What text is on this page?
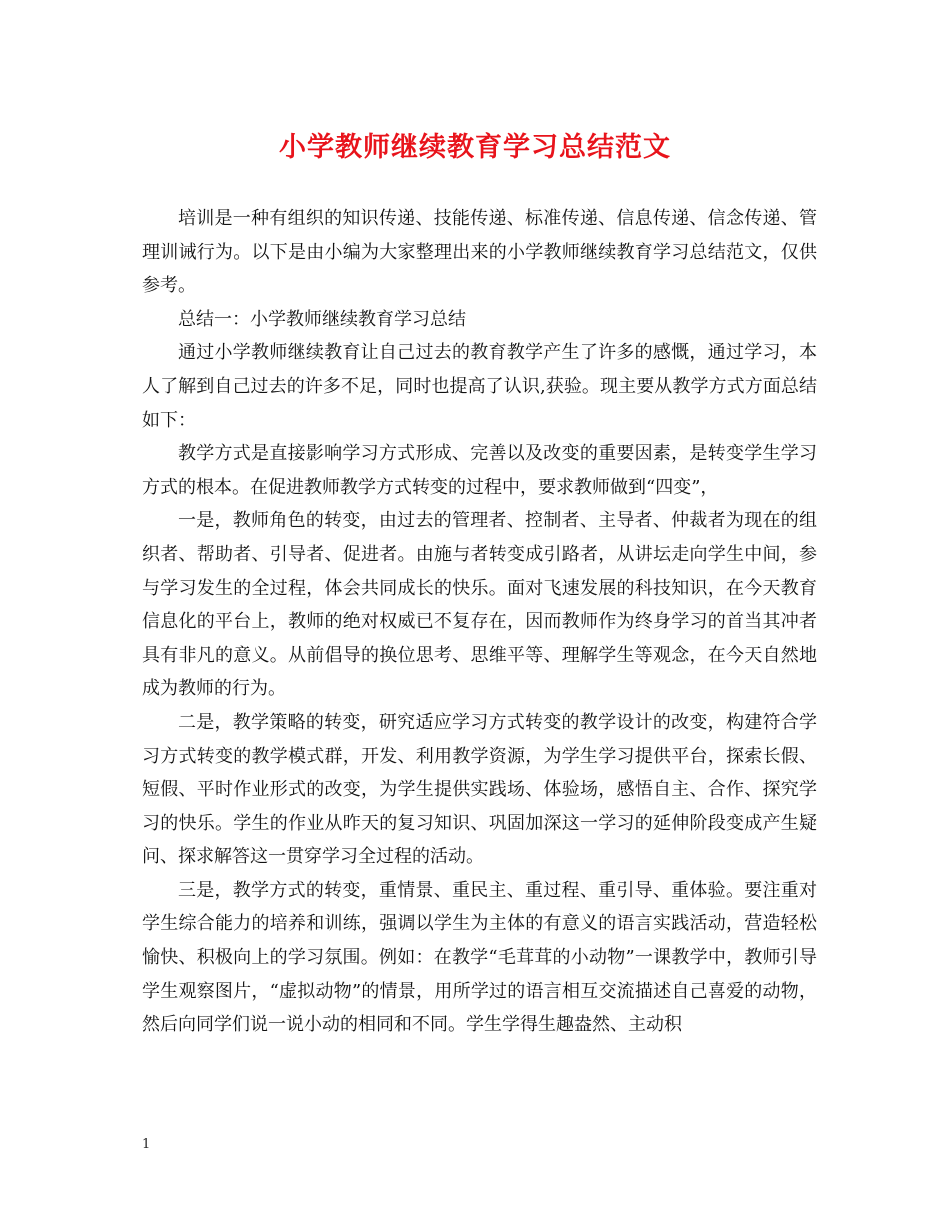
小学教师继续教育学习总结范文

培训是一种有组织的知识传递、技能传递、标准传递、信息传递、信念传递、管理训诫行为。以下是由小编为大家整理出来的小学教师继续教育学习总结范文，仅供参考。

总结一：小学教师继续教育学习总结

通过小学教师继续教育让自己过去的教育教学产生了许多的感慨，通过学习，本人了解到自己过去的许多不足，同时也提高了认识,获验。现主要从教学方式方面总结如下：

教学方式是直接影响学习方式形成、完善以及改变的重要因素，是转变学生学习方式的根本。在促进教师教学方式转变的过程中，要求教师做到“四变”，

一是，教师角色的转变，由过去的管理者、控制者、主导者、仲裁者为现在的组织者、帮助者、引导者、促进者。由施与者转变成引路者，从讲坛走向学生中间，参与学习发生的全过程，体会共同成长的快乐。面对飞速发展的科技知识，在今天教育信息化的平台上，教师的绝对权威已不复存在，因而教师作为终身学习的首当其冲者具有非凡的意义。从前倡导的换位思考、思维平等、理解学生等观念，在今天自然地成为教师的行为。

二是，教学策略的转变，研究适应学习方式转变的教学设计的改变，构建符合学习方式转变的教学模式群，开发、利用教学资源，为学生学习提供平台，探索长假、短假、平时作业形式的改变，为学生提供实践场、体验场，感悟自主、合作、探究学习的快乐。学生的作业从昨天的复习知识、巩固加深这一学习的延伸阶段变成产生疑问、探求解答这一贯穿学习全过程的活动。

三是，教学方式的转变，重情景、重民主、重过程、重引导、重体验。要注重对学生综合能力的培养和训练，强调以学生为主体的有意义的语言实践活动，营造轻松愉快、积极向上的学习氛围。例如：在教学“毛茸茸的小动物”一课教学中，教师引导学生观察图片，“虚拟动物”的情景，用所学过的语言相互交流描述自己喜爱的动物，然后向同学们说一说小动的相同和不同。学生学得生趣盎然、主动积

1
